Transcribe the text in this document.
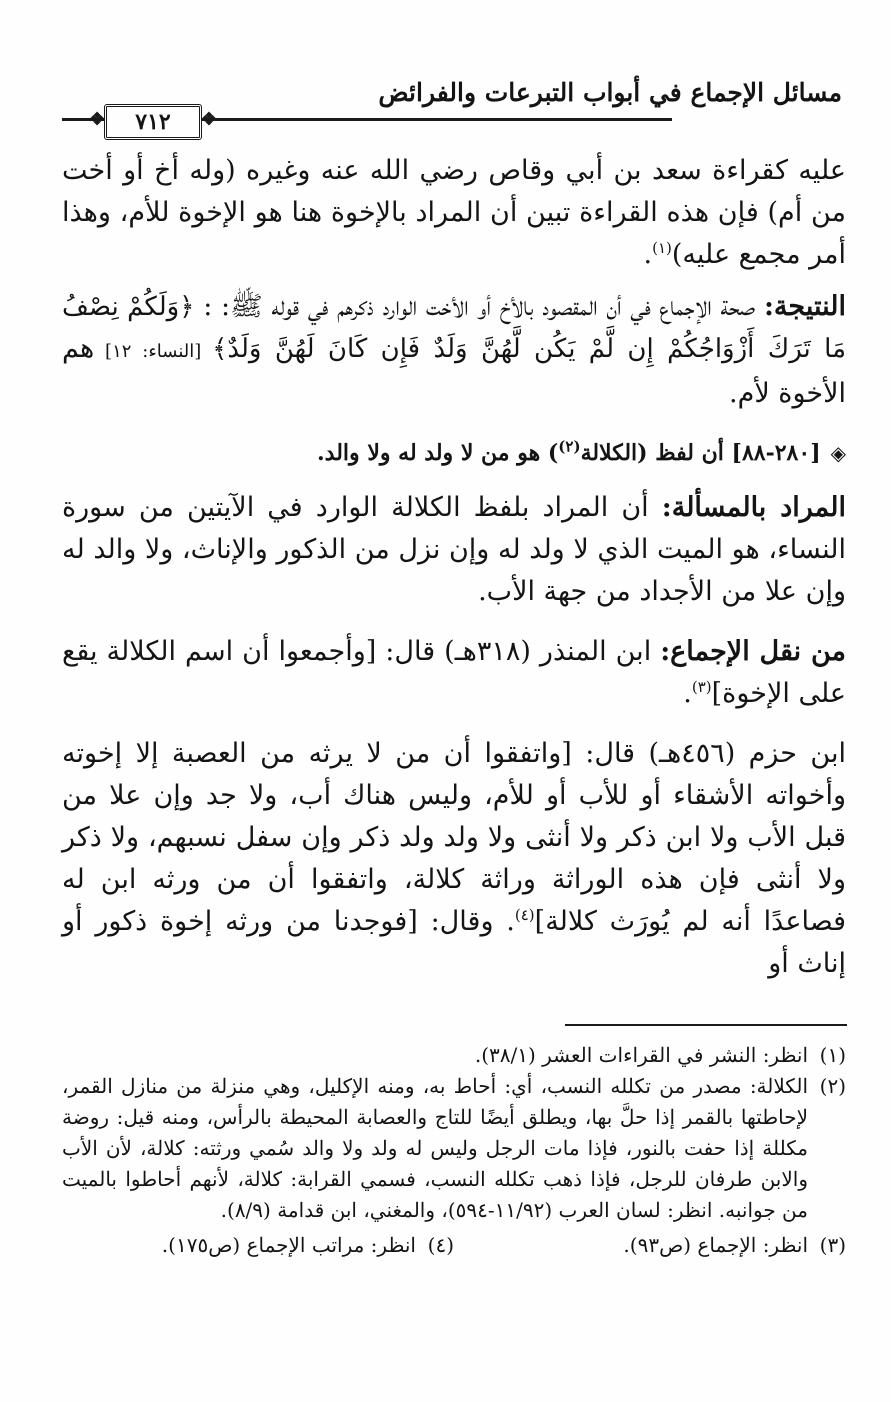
مسائل الإجماع في أبواب التبرعات والفرائض
❖ ٧١٢ ❖

عليه كقراءة سعد بن أبي وقاص رضي الله عنه وغيره (وله أخ أو أخت من أم) فإن هذه القراءة تبين أن المراد بالإخوة هنا هو الإخوة للأم، وهذا أمر مجمع عليه)$^{(١)}$.

النتيجة: صحة الإجماع في أن المقصود بالأخ أو الأخت الوارد ذكرهم في قوله ﷺ: : ﴿وَلَكُمْ نِصْفُ مَا تَرَكَ أَزْوَاجُكُمْ إِن لَّمْ يَكُن لَّهُنَّ وَلَدٌ فَإِن كَانَ لَهُنَّ وَلَدٌ﴾ [النساء: ١٢] هم الأخوة لأم.

◈[٢٨٠-٨٨] أن لفظ (الكلالة$^{(٢)}$) هو من لا ولد له ولا والد.

المراد بالمسألة: أن المراد بلفظ الكلالة الوارد في الآيتين من سورة النساء، هو الميت الذي لا ولد له وإن نزل من الذكور والإناث، ولا والد له وإن علا من الأجداد من جهة الأب.

من نقل الإجماع: ابن المنذر (٣١٨هـ) قال: [وأجمعوا أن اسم الكلالة يقع على الإخوة]$^{(٣)}$.

ابن حزم (٤٥٦هـ) قال: [واتفقوا أن من لا يرثه من العصبة إلا إخوته وأخواته الأشقاء أو للأب أو للأم، وليس هناك أب، ولا جد وإن علا من قبل الأب ولا ابن ذكر ولا أنثى ولا ولد ولد ذكر وإن سفل نسبهم، ولا ذكر ولا أنثى فإن هذه الوراثة وراثة كلالة، واتفقوا أن من ورثه ابن له فصاعدًا أنه لم يُورَث كلالة]$^{(٤)}$. وقال: [فوجدنا من ورثه إخوة ذكور أو إناث أو

(١)
انظر: النشر في القراءات العشر (٣٨/١).
(٢)
الكلالة: مصدر من تكلله النسب، أي: أحاط به، ومنه الإكليل، وهي منزلة من منازل القمر، لإحاطتها بالقمر إذا حلَّ بها، ويطلق أيضًا للتاج والعصابة المحيطة بالرأس، ومنه قيل: روضة مكللة إذا حفت بالنور، فإذا مات الرجل وليس له ولد ولا والد سُمي ورثته: كلالة، لأن الأب والابن طرفان للرجل، فإذا ذهب تكلله النسب، فسمي القرابة: كلالة، لأنهم أحاطوا بالميت من جوانبه. انظر: لسان العرب (١١/٩٢-٥٩٤)، والمغني، ابن قدامة (٨/٩).
(٣)
انظر: الإجماع (ص٩٣).
(٤)
انظر: مراتب الإجماع (ص١٧٥).
